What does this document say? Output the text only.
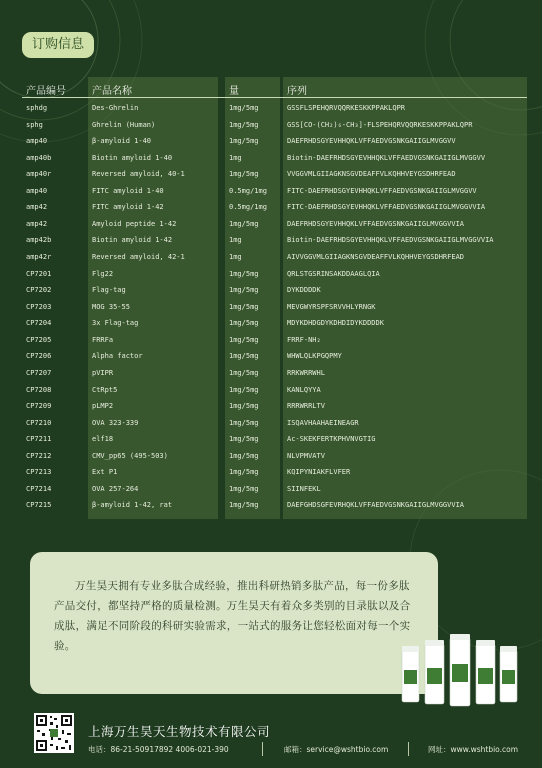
订购信息
产品编号	产品名称	量	序列
sphdg	Des-Ghrelin	1mg/5mg	GSSFLSPEHQRVQQRKESKKPPAKLQPR
sphg	Ghrelin (Human)	1mg/5mg	GSS[CO-(CH₂)₆-CH₃]-FLSPEHQRVQQRKESKKPPAKLQPR
amp40	β-amyloid 1-40	1mg/5mg	DAEFRHDSGYEVHHQKLVFFAEDVGSNKGAIIGLMVGGVV
amp40b	Biotin amyloid 1-40	1mg	Biotin-DAEFRHDSGYEVHHQKLVFFAEDVGSNKGAIIGLMVGGVV
amp40r	Reversed amyloid, 40-1	1mg/5mg	VVGGVMLGIIAGKNSGVDEAFFVLKQHHVEYGSDHRFEAD
amp40	FITC amyloid 1-40	0.5mg/1mg	FITC-DAEFRHDSGYEVHHQKLVFFAEDVGSNKGAIIGLMVGGVV
amp42	FITC amyloid 1-42	0.5mg/1mg	FITC-DAEFRHDSGYEVHHQKLVFFAEDVGSNKGAIIGLMVGGVVIA
amp42	Amyloid peptide 1-42	1mg/5mg	DAEFRHDSGYEVHHQKLVFFAEDVGSNKGAIIGLMVGGVVIA
amp42b	Biotin amyloid 1-42	1mg	Biotin-DAEFRHDSGYEVHHQKLVFFAEDVGSNKGAIIGLMVGGVVIA
amp42r	Reversed amyloid, 42-1	1mg	AIVVGGVMLGIIAGKNSGVDEAFFVLKQHHVEYGSDHRFEAD
CP7201	Flg22	1mg/5mg	QRLSTGSRINSAKDDAAGLQIA
CP7202	Flag-tag	1mg/5mg	DYKDDDDK
CP7203	MOG 35-55	1mg/5mg	MEVGWYRSPFSRVVHLYRNGK
CP7204	3x Flag-tag	1mg/5mg	MDYKDHDGDYKDHDIDYKDDDDK
CP7205	FRRFa	1mg/5mg	FRRF-NH₂
CP7206	Alpha factor	1mg/5mg	WHWLQLKPGQPMY
CP7207	pVIPR	1mg/5mg	RRKWRRWHL
CP7208	CtRpt5	1mg/5mg	KANLQYYA
CP7209	pLMP2	1mg/5mg	RRRWRRLTV
CP7210	OVA 323-339	1mg/5mg	ISQAVHAAHAEINEAGR
CP7211	elf18	1mg/5mg	Ac-SKEKFERTKPHVNVGTIG
CP7212	CMV_pp65 (495-503)	1mg/5mg	NLVPMVATV
CP7213	Ext P1	1mg/5mg	KQIPYNIAKFLVFER
CP7214	OVA 257-264	1mg/5mg	SIINFEKL
CP7215	β-amyloid 1-42, rat	1mg/5mg	DAEFGHDSGFEVRHQKLVFFAEDVGSNKGAIIGLMVGGVVIA
万生昊天拥有专业多肽合成经验，推出科研热销多肽产品，每一份多肽产品交付，都坚持严格的质量检测。万生昊天有着众多类别的目录肽以及合成肽，满足不同阶段的科研实验需求，一站式的服务让您轻松面对每一个实验。
上海万生昊天生物技术有限公司
电话：86-21-50917892 4006-021-390	邮箱：service@wshtbio.com	网址：www.wshtbio.com
